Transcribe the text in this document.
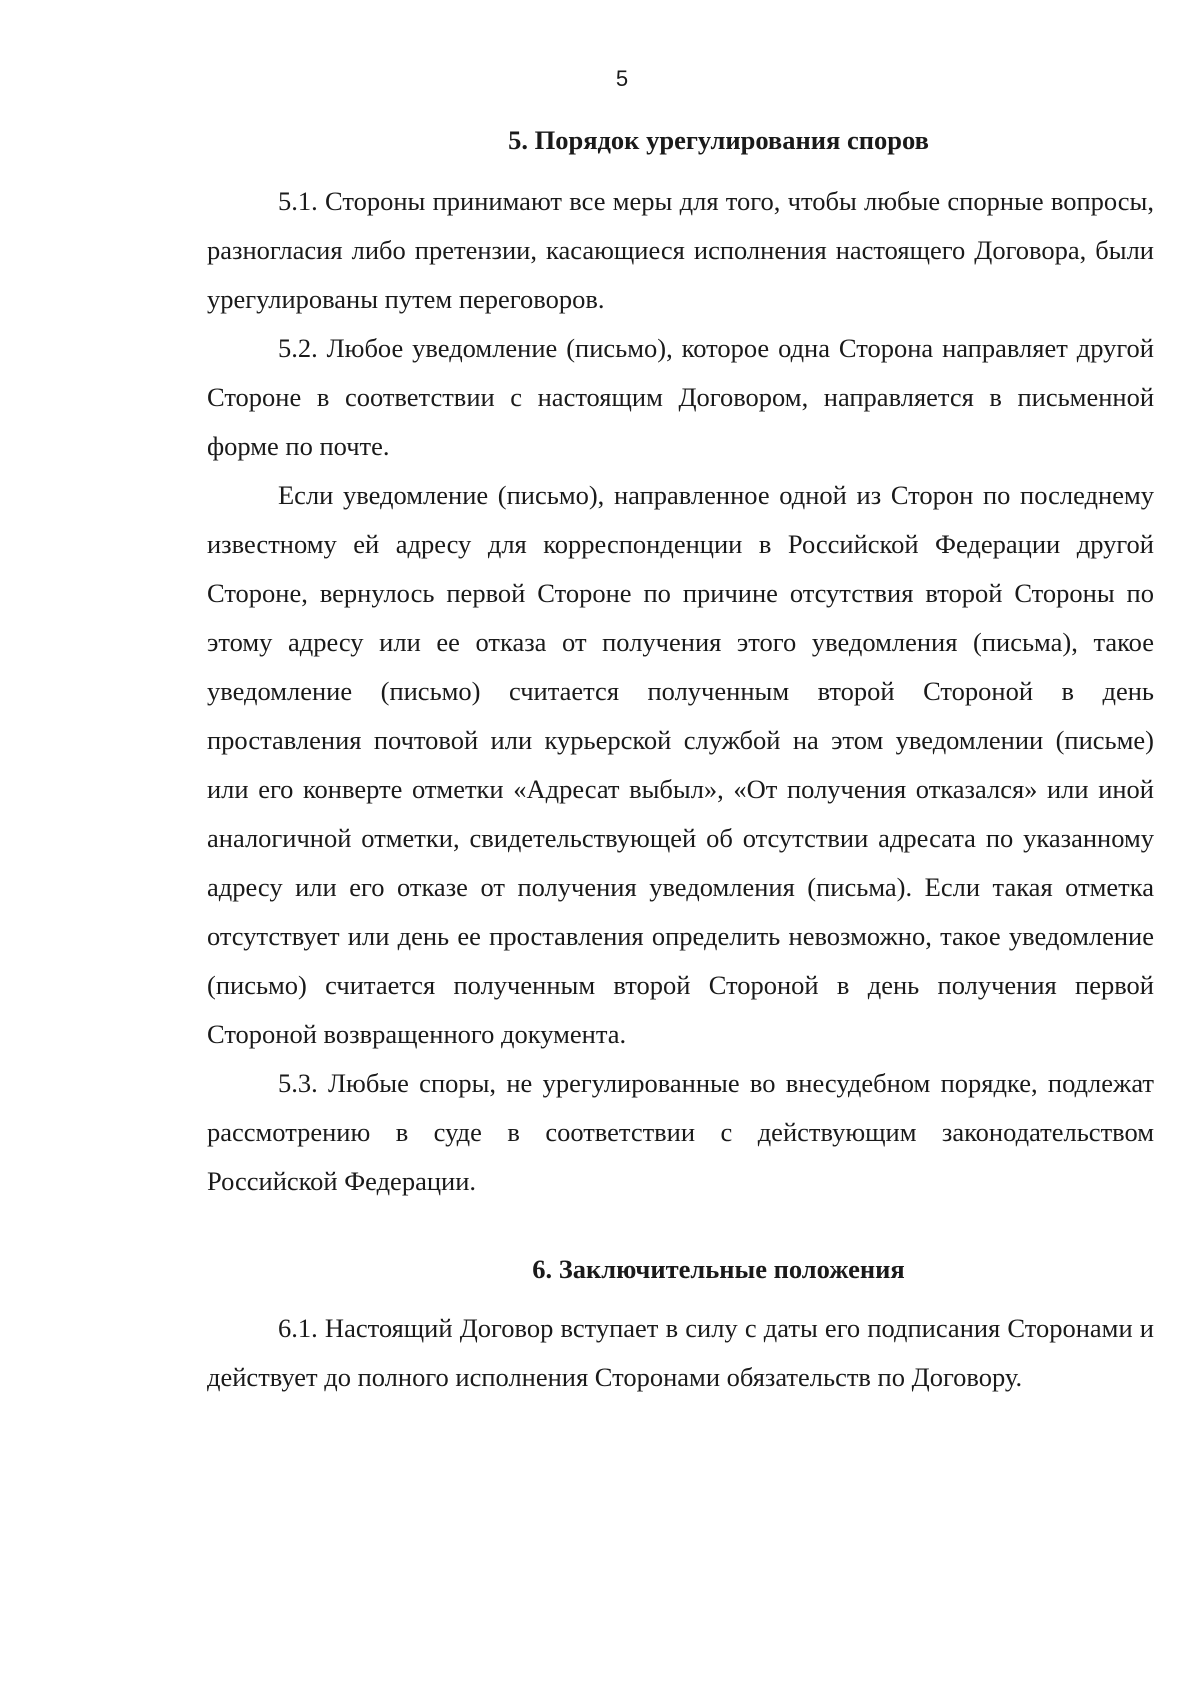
5
5. Порядок урегулирования споров

5.1. Стороны принимают все меры для того, чтобы любые спорные вопросы, разногласия либо претензии, касающиеся исполнения настоящего Договора, были урегулированы путем переговоров.

5.2. Любое уведомление (письмо), которое одна Сторона направляет другой Стороне в соответствии с настоящим Договором, направляется в письменной форме по почте.

Если уведомление (письмо), направленное одной из Сторон по последнему известному ей адресу для корреспонденции в Российской Федерации другой Стороне, вернулось первой Стороне по причине отсутствия второй Стороны по этому адресу или ее отказа от получения этого уведомления (письма), такое уведомление (письмо) считается полученным второй Стороной в день проставления почтовой или курьерской службой на этом уведомлении (письме) или его конверте отметки «Адресат выбыл», «От получения отказался» или иной аналогичной отметки, свидетельствующей об отсутствии адресата по указанному адресу или его отказе от получения уведомления (письма). Если такая отметка отсутствует или день ее проставления определить невозможно, такое уведомление (письмо) считается полученным второй Стороной в день получения первой Стороной возвращенного документа.

5.3. Любые споры, не урегулированные во внесудебном порядке, подлежат рассмотрению в суде в соответствии с действующим законодательством Российской Федерации.

6. Заключительные положения

6.1. Настоящий Договор вступает в силу с даты его подписания Сторонами и действует до полного исполнения Сторонами обязательств по Договору.
